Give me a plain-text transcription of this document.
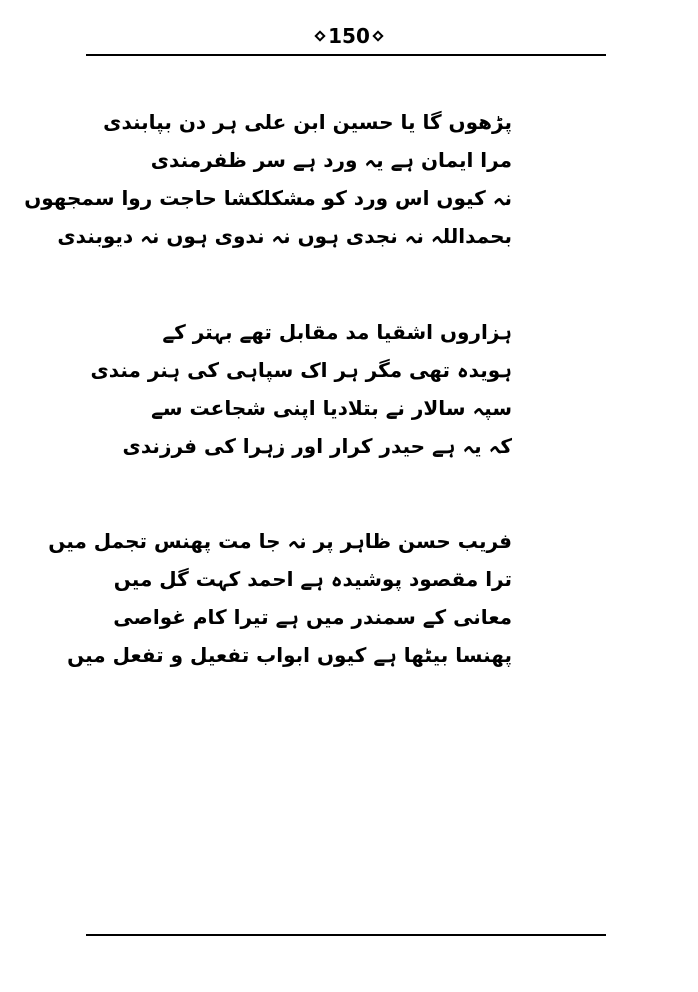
150
پڑھوں گا یا حسین ابن علی ہر دن بپابندی
مرا ایمان ہے یہ ورد ہے سر ظفرمندی
نہ کیوں اس ورد کو مشکلکشا حاجت روا سمجھوں
بحمداللہ نہ نجدی ہوں نہ ندوی ہوں نہ دیوبندی
ہزاروں اشقیا مد مقابل تھے بہتر کے
ہویدہ تھی مگر ہر اک سپاہی کی ہنر مندی
سپہ سالار نے بتلادیا اپنی شجاعت سے
کہ یہ ہے حیدر کرار اور زہرا کی فرزندی
فریب حسن ظاہر پر نہ جا مت پھنس تجمل میں
ترا مقصود پوشیدہ ہے احمد کہت گل میں
معانی کے سمندر میں ہے تیرا کام غواصی
پھنسا بیٹھا ہے کیوں ابواب تفعیل و تفعل میں
